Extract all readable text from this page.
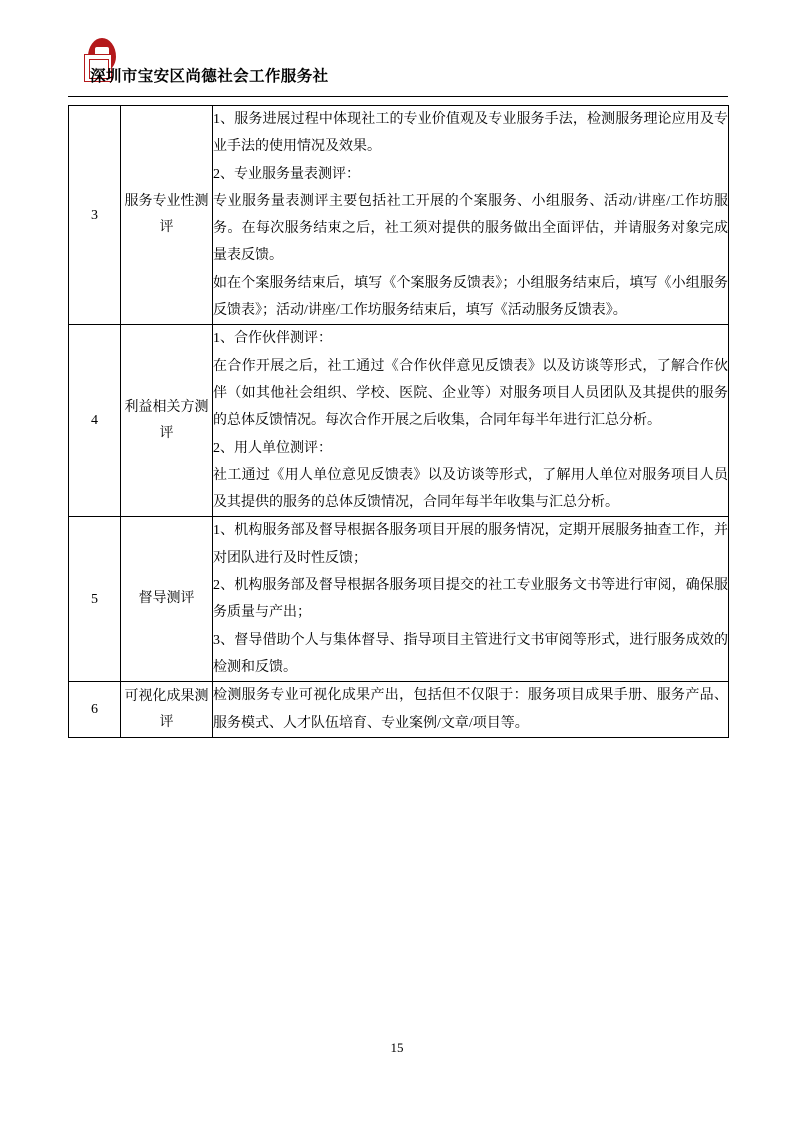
深圳市宝安区尚德社会工作服务社
3	服务专业性测评	1、服务进展过程中体现社工的专业价值观及专业服务手法，检测服务理论应用及专业手法的使用情况及效果。

2、专业服务量表测评：

专业服务量表测评主要包括社工开展的个案服务、小组服务、活动/讲座/工作坊服务。在每次服务结束之后，社工须对提供的服务做出全面评估，并请服务对象完成量表反馈。

如在个案服务结束后，填写《个案服务反馈表》；小组服务结束后，填写《小组服务反馈表》；活动/讲座/工作坊服务结束后，填写《活动服务反馈表》。

4	利益相关方测评	1、合作伙伴测评：

在合作开展之后，社工通过《合作伙伴意见反馈表》以及访谈等形式，了解合作伙伴（如其他社会组织、学校、医院、企业等）对服务项目人员团队及其提供的服务的总体反馈情况。每次合作开展之后收集，合同年每半年进行汇总分析。

2、用人单位测评：

社工通过《用人单位意见反馈表》以及访谈等形式，了解用人单位对服务项目人员及其提供的服务的总体反馈情况，合同年每半年收集与汇总分析。

5	督导测评	1、机构服务部及督导根据各服务项目开展的服务情况，定期开展服务抽查工作，并对团队进行及时性反馈；

2、机构服务部及督导根据各服务项目提交的社工专业服务文书等进行审阅，确保服务质量与产出；

3、督导借助个人与集体督导、指导项目主管进行文书审阅等形式，进行服务成效的检测和反馈。

6	可视化成果测评	检测服务专业可视化成果产出，包括但不仅限于：服务项目成果手册、服务产品、服务模式、人才队伍培育、专业案例/文章/项目等。

15
